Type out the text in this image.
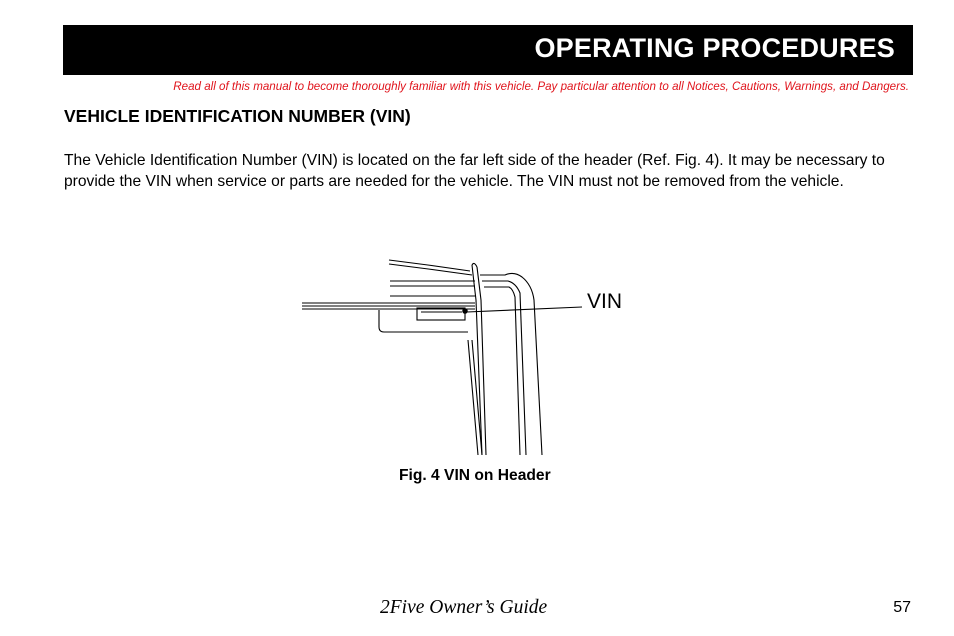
OPERATING PROCEDURES
Read all of this manual to become thoroughly familiar with this vehicle. Pay particular attention to all Notices, Cautions, Warnings, and Dangers.
VEHICLE IDENTIFICATION NUMBER (VIN)
The Vehicle Identification Number (VIN) is located on the far left side of the header (Ref. Fig. 4). It may be necessary to provide the VIN when service or parts are needed for the vehicle. The VIN must not be removed from the vehicle.
VIN
Fig. 4 VIN on Header
2Five Owner’s Guide	57
